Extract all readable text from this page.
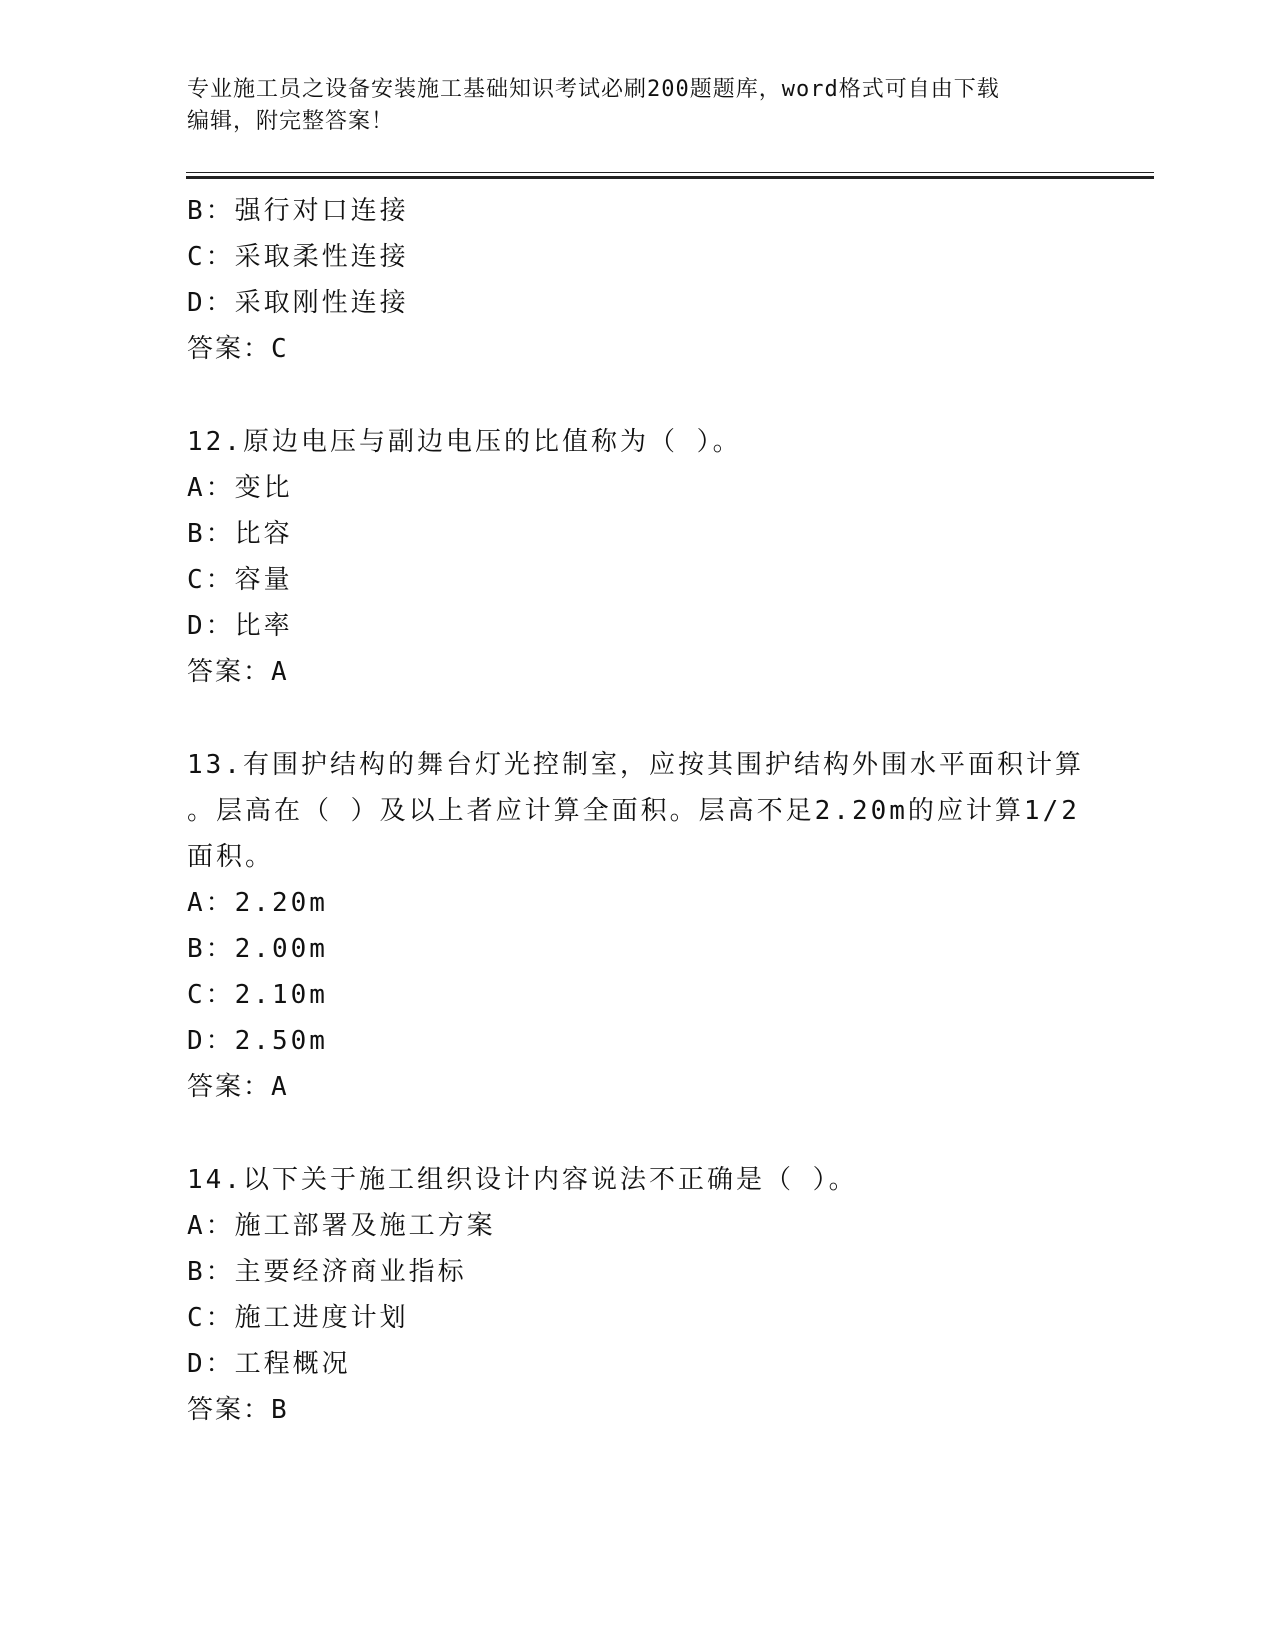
专业施工员之设备安装施工基础知识考试必刷200题题库，word格式可自由下载
编辑，附完整答案！
B：强行对口连接
C：采取柔性连接
D：采取刚性连接
答案：C
12.原边电压与副边电压的比值称为（ ）。
A：变比
B：比容
C：容量
D：比率
答案：A
13.有围护结构的舞台灯光控制室，应按其围护结构外围水平面积计算
。层高在（ ）及以上者应计算全面积。层高不足2.20m的应计算1/2
面积。
A：2.20m
B：2.00m
C：2.10m
D：2.50m
答案：A
14.以下关于施工组织设计内容说法不正确是（ ）。
A：施工部署及施工方案
B：主要经济商业指标
C：施工进度计划
D：工程概况
答案：B
